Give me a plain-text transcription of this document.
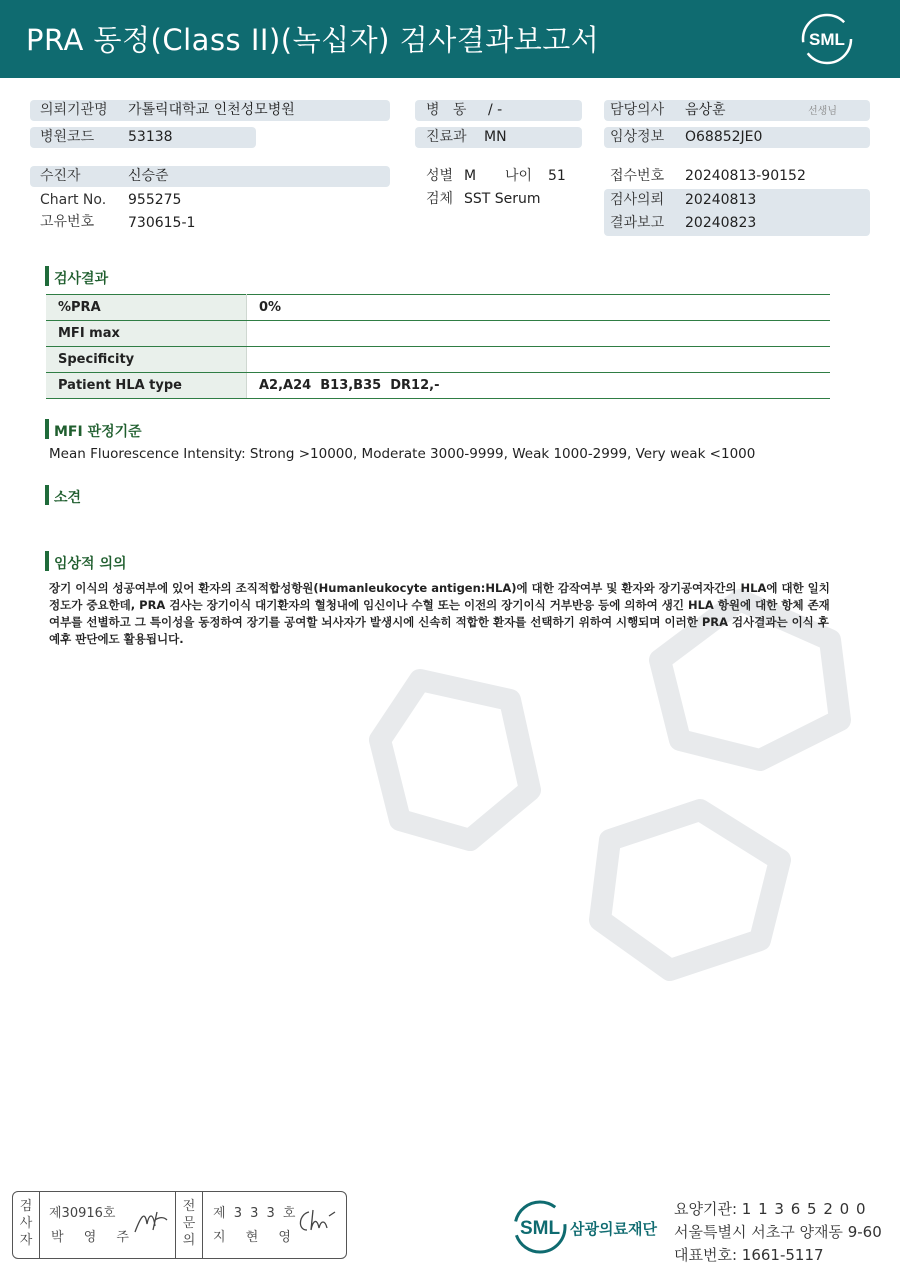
PRA 동정(Class II)(녹십자) 검사결과보고서	SML
의뢰기관명 가톨릭대학교 인천성모병원
병원코드 53138
수진자	신승준
Chart No. 955275
고유번호 730615-1
병   동 / -
진료과 MN
성별 M 나이 51
검체 SST Serum
담당의사 음상훈	선생님
임상정보 O68852JE0
접수번호 20240813-90152
검사의뢰 20240813
결과보고 20240823
검사결과
%PRA	0%
MFI max	
Specificity	
Patient HLA type	A2,A24  B13,B35  DR12,-
MFI 판정기준
Mean Fluorescence Intensity: Strong >10000, Moderate 3000-9999, Weak 1000-2999, Very weak <1000
소견
임상적 의의
장기 이식의 성공여부에 있어 환자의 조직적합성항원(Humanleukocyte antigen:HLA)에 대한 감작여부 및 환자와 장기공여자간의 HLA에 대한 일치정도가 중요한데, PRA 검사는 장기이식 대기환자의 혈청내에 임신이나 수혈 또는 이전의 장기이식 거부반응 등에 의하여 생긴 HLA 항원에 대한 항체 존재 여부를 선별하고 그 특이성을 동정하여 장기를 공여할 뇌사자가 발생시에 신속히 적합한 환자를 선택하기 위하여 시행되며 이러한 PRA 검사결과는 이식 후 예후 판단에도 활용됩니다.
검
사
자
제30916호
박 영 주
전
문
의
제 3 3 3 호
지 현 영	SML 삼광의료재단
요양기관: 1 1 3 6 5 2 0 0
서울특별시 서초구 양재동 9-60
대표번호: 1661-5117
